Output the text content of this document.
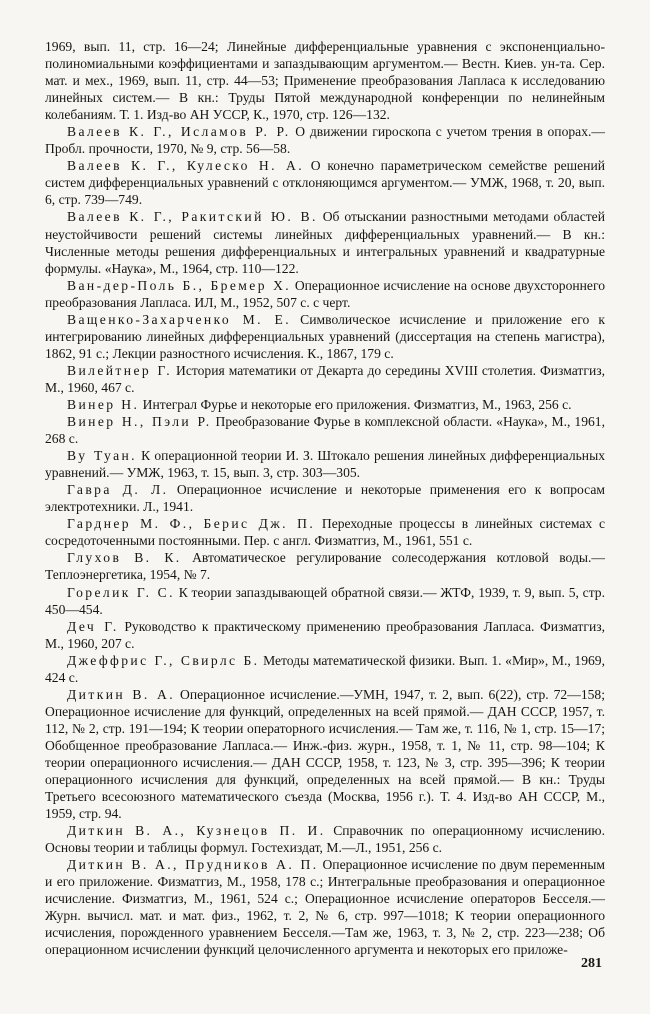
1969, вып. 11, стр. 16—24; Линейные дифференциальные уравнения с экспоненциально-полиномиальными коэффициентами и запаздывающим аргументом.— Вестн. Киев. ун-та. Сер. мат. и мех., 1969, вып. 11, стр. 44—53; Применение преобразования Лапласа к исследованию линейных систем.— В кн.: Труды Пятой международной конференции по нелинейным колебаниям. Т. 1. Изд-во АН УССР, К., 1970, стр. 126—132.

Валеев К. Г., Исламов Р. Р. О движении гироскопа с учетом трения в опорах.— Пробл. прочности, 1970, № 9, стр. 56—58.

Валеев К. Г., Кулеско Н. А. О конечно параметрическом семействе решений систем дифференциальных уравнений с отклоняющимся аргументом.— УМЖ, 1968, т. 20, вып. 6, стр. 739—749.

Валеев К. Г., Ракитский Ю. В. Об отыскании разностными методами областей неустойчивости решений системы линейных дифференциальных уравнений.— В кн.: Численные методы решения дифференциальных и интегральных уравнений и квадратурные формулы. «Наука», М., 1964, стр. 110—122.

Ван-дер-Поль Б., Бремер Х. Операционное исчисление на основе двухстороннего преобразования Лапласа. ИЛ, М., 1952, 507 с. с черт.

Ващенко-Захарченко М. Е. Символическое исчисление и приложение его к интегрированию линейных дифференциальных уравнений (диссертация на степень магистра), 1862, 91 с.; Лекции разностного исчисления. К., 1867, 179 с.

Вилейтнер Г. История математики от Декарта до середины XVIII столетия. Физматгиз, М., 1960, 467 с.

Винер Н. Интеграл Фурье и некоторые его приложения. Физматгиз, М., 1963, 256 с.

Винер Н., Пэли Р. Преобразование Фурье в комплексной области. «Наука», М., 1961, 268 с.

Ву Туан. К операционной теории И. З. Штокало решения линейных дифференциальных уравнений.— УМЖ, 1963, т. 15, вып. 3, стр. 303—305.

Гавра Д. Л. Операционное исчисление и некоторые применения его к вопросам электротехники. Л., 1941.

Гарднер М. Ф., Берис Дж. П. Переходные процессы в линейных системах с сосредоточенными постоянными. Пер. с англ. Физматгиз, М., 1961, 551 с.

Глухов В. К. Автоматическое регулирование солесодержания котловой воды.— Теплоэнергетика, 1954, № 7.

Горелик Г. С. К теории запаздывающей обратной связи.— ЖТФ, 1939, т. 9, вып. 5, стр. 450—454.

Деч Г. Руководство к практическому применению преобразования Лапласа. Физматгиз, М., 1960, 207 с.

Джеффрис Г., Свирлс Б. Методы математической физики. Вып. 1. «Мир», М., 1969, 424 с.

Диткин В. А. Операционное исчисление.—УМН, 1947, т. 2, вып. 6(22), стр. 72—158; Операционное исчисление для функций, определенных на всей прямой.— ДАН СССР, 1957, т. 112, № 2, стр. 191—194; К теории операторного исчисления.— Там же, т. 116, № 1, стр. 15—17; Обобщенное преобразование Лапласа.— Инж.-физ. журн., 1958, т. 1, № 11, стр. 98—104; К теории операционного исчисления.— ДАН СССР, 1958, т. 123, № 3, стр. 395—396; К теории операционного исчисления для функций, определенных на всей прямой.— В кн.: Труды Третьего всесоюзного математического съезда (Москва, 1956 г.). Т. 4. Изд-во АН СССР, М., 1959, стр. 94.

Диткин В. А., Кузнецов П. И. Справочник по операционному исчислению. Основы теории и таблицы формул. Гостехиздат, М.—Л., 1951, 256 с.

Диткин В. А., Прудников А. П. Операционное исчисление по двум переменным и его приложение. Физматгиз, М., 1958, 178 с.; Интегральные преобразования и операционное исчисление. Физматгиз, М., 1961, 524 с.; Операционное исчисление операторов Бесселя.— Журн. вычисл. мат. и мат. физ., 1962, т. 2, № 6, стр. 997—1018; К теории операционного исчисления, порожденного уравнением Бесселя.—Там же, 1963, т. 3, № 2, стр. 223—238; Об операционном исчислении функций целочисленного аргумента и некоторых его приложе-

281
